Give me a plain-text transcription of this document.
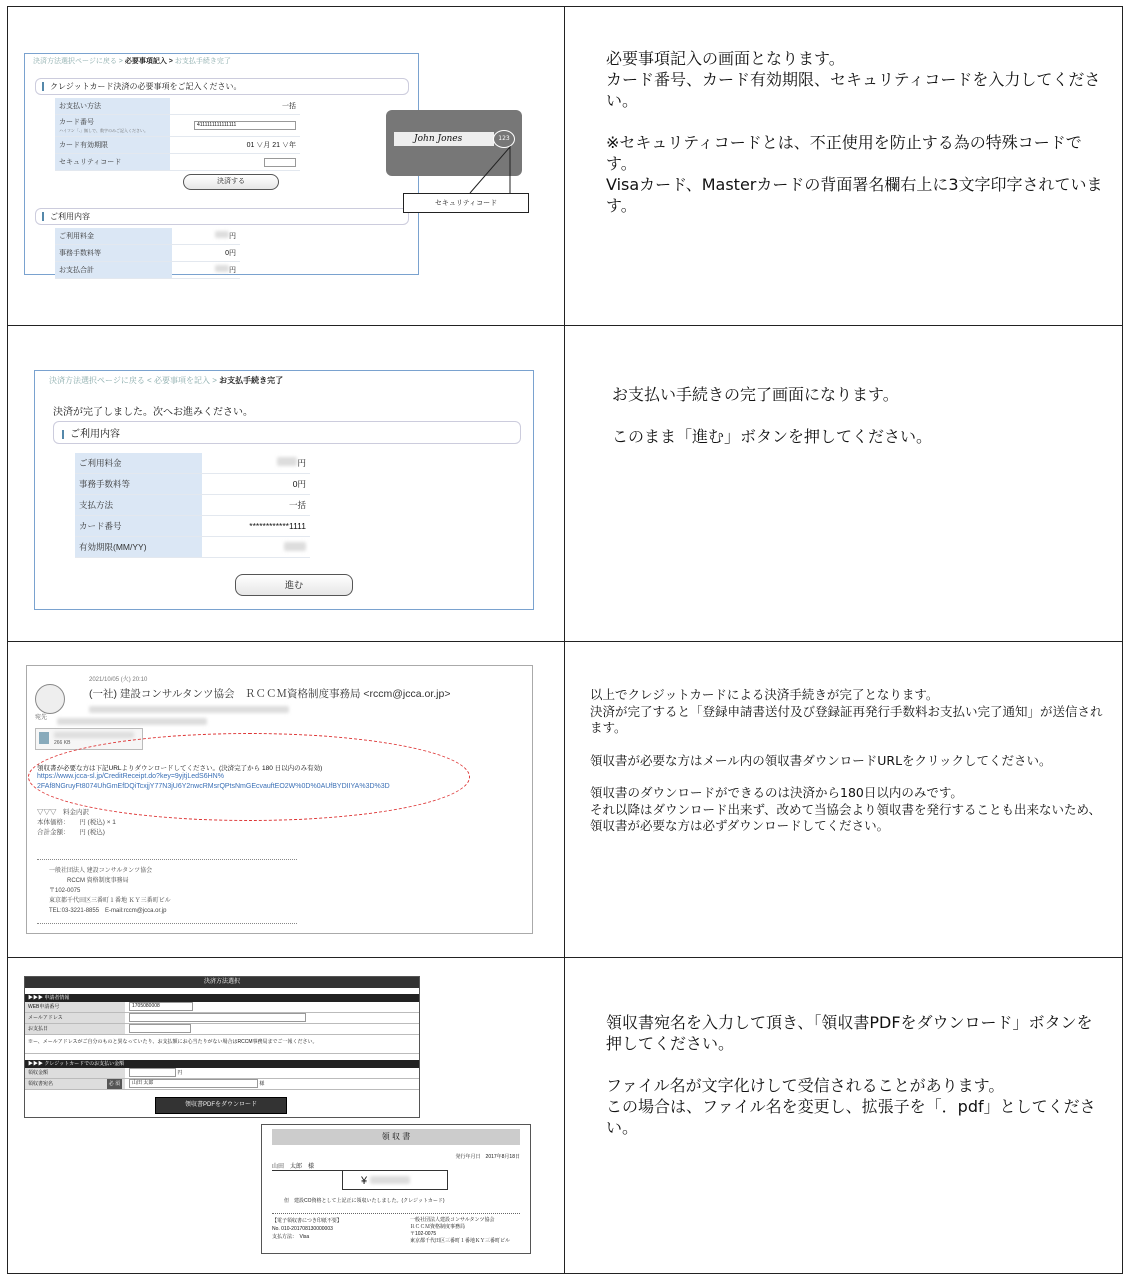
決済方法選択ページに戻る > 必要事項記入 > お支払手続き完了
クレジットカード決済の必要事項をご記入ください。
お支払い方法	一括
カード番号
ハイフン「-」無しで、数字のみご記入ください。	4111111111111111
カード有効期限	01 ∨月 21 ∨年
セキュリティコード	
決済する
ご利用内容
ご利用料金	円
事務手数料等	0円
お支払合計	円
John Jones	123
セキュリティコード

必要事項記入の画面となります。
カード番号、カード有効期限、セキュリティコードを入力してください。

※セキュリティコードとは、不正使用を防止する為の特殊コードです。
Visaカード、Masterカードの背面署名欄右上に3文字印字されています。

決済方法選択ページに戻る < 必要事項を記入 > お支払手続き完了
決済が完了しました。次へお進みください。
ご利用内容
ご利用料金	円
事務手数料等	0円
支払方法	一括
カード番号	************1111
有効期限(MM/YY)	
進む

お支払い手続きの完了画面になります。

このまま「進む」ボタンを押してください。

2021/10/05 (火) 20:10
(一社) 建設コンサルタンツ協会　ＲＣＣＭ資格制度事務局 <rccm@jcca.or.jp>
宛先
266 KB
領収書が必要な方は下記URLよりダウンロードしてください。(決済完了から 180 日以内のみ有効)
https://www.jcca-sl.jp/CreditReceipt.do?key=9yjtjLedS6HN%
2FAf8NGruyFt8074UhGmEfDQiTcxjjY77N3jU6Y2nwcRMsrQPtsNmGEcvauftEO2W%0D%0AUfBYDIIYA%3D%3D
▽▽▽　料金内訳
本体価格：　　円 (税込) × 1
合計金額：　　円 (税込)
一般社団法人 建設コンサルタンツ協会
RCCM 資格制度事務局
〒102-0075
東京都千代田区三番町１番地 ＫＹ三番町ビル
TEL:03-3221-8855　E-mail:rccm@jcca.or.jp

以上でクレジットカードによる決済手続きが完了となります。
決済が完了すると「登録申請書送付及び登録証再発行手数料お支払い完了通知」が送信されます。

領収書が必要な方はメール内の領収書ダウンロードURLをクリックしてください。

領収書のダウンロードができるのは決済から180日以内のみです。
それ以降はダウンロード出来ず、改めて当協会より領収書を発行することも出来ないため、領収書が必要な方は必ずダウンロードしてください。

決済方法選択
▶▶▶ 申請者情報
WEB申請番号	1705080008
メールアドレス
お支払日
※ー、メールアドレスがご自分のものと異なっていたり、お支払額にお心当たりがない場合はRCCM事務局までご一報ください。
▶▶▶ クレジットカードでのお支払い金額
領収金額	円
領収書宛名	必 須	山田 太郎	様
領収書PDFをダウンロード
領 収 書
発行年月日　2017年8月18日
山田　太郎　様
¥
但　建設CO資格として上記正に領収いたしました。(クレジットカード)
【電子領収書につき印紙不要】
No. 010-201708130000003
支払方法：　Visa
一般社団法人建設コンサルタンツ協会
ＲＣＣＭ資格制度事務局
〒102-0075
東京都千代田区三番町１番地ＫＹ三番町ビル

領収書宛名を入力して頂き、「領収書PDFをダウンロード」ボタンを押してください。

ファイル名が文字化けして受信されることがあります。
この場合は、ファイル名を変更し、拡張子を「．pdf」としてください。
